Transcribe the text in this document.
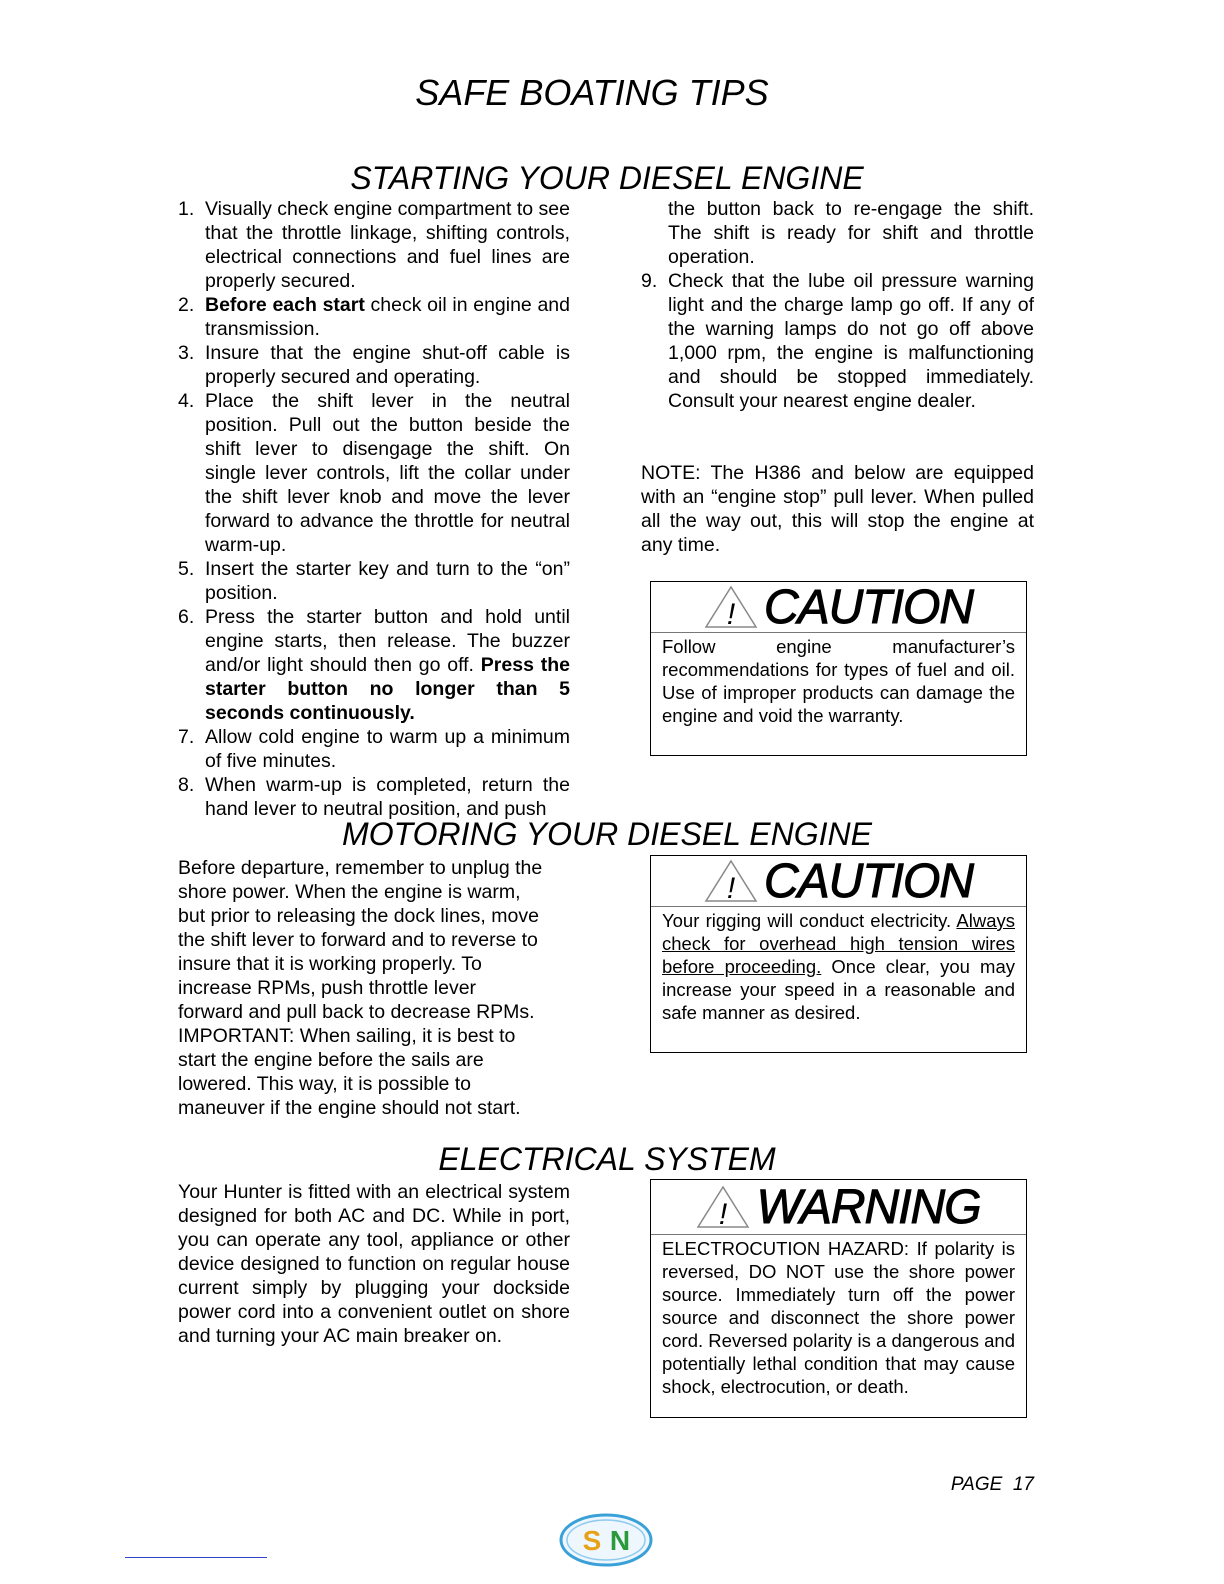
SAFE BOATING TIPS
STARTING YOUR DIESEL ENGINE
1. Visually check engine compartment to see that the throttle linkage, shifting controls, electrical connections and fuel lines are properly secured.
2. Before each start check oil in engine and transmission.
3. Insure that the engine shut-off cable is properly secured and operating.
4. Place the shift lever in the neutral position. Pull out the button beside the shift lever to disengage the shift. On single lever controls, lift the collar under the shift lever knob and move the lever forward to advance the throttle for neutral warm-up.
5. Insert the starter key and turn to the “on” position.
6. Press the starter button and hold until engine starts, then release. The buzzer and/or light should then go off. Press the starter button no longer than 5 seconds continuously.
7. Allow cold engine to warm up a minimum of five minutes.
8. When warm-up is completed, return the hand lever to neutral position, and push
the button back to re-engage the shift. The shift is ready for shift and throttle operation.
9. Check that the lube oil pressure warning light and the charge lamp go off. If any of the warning lamps do not go off above 1,000 rpm, the engine is malfunctioning and should be stopped immediately. Consult your nearest engine dealer.
NOTE: The H386 and below are equipped with an “engine stop” pull lever. When pulled all the way out, this will stop the engine at any time.
! CAUTION
Follow engine manufacturer’s recommendations for types of fuel and oil. Use of improper products can damage the engine and void the warranty.
MOTORING YOUR DIESEL ENGINE
Before departure, remember to unplug the
shore power. When the engine is warm,
but prior to releasing the dock lines, move
the shift lever to forward and to reverse to
insure that it is working properly. To
increase RPMs, push throttle lever
forward and pull back to decrease RPMs.
IMPORTANT: When sailing, it is best to
start the engine before the sails are
lowered. This way, it is possible to
maneuver if the engine should not start.
! CAUTION
Your rigging will conduct electricity. Always check for overhead high tension wires before proceeding. Once clear, you may increase your speed in a reasonable and safe manner as desired.
ELECTRICAL SYSTEM
Your Hunter is fitted with an electrical system designed for both AC and DC. While in port, you can operate any tool, appliance or other device designed to function on regular house current simply by plugging your dockside power cord into a convenient outlet on shore and turning your AC main breaker on.
! WARNING
ELECTROCUTION HAZARD: If polarity is reversed, DO NOT use the shore power source. Immediately turn off the power source and disconnect the shore power cord. Reversed polarity is a dangerous and potentially lethal condition that may cause shock, electrocution, or death.
PAGE  17
S N
